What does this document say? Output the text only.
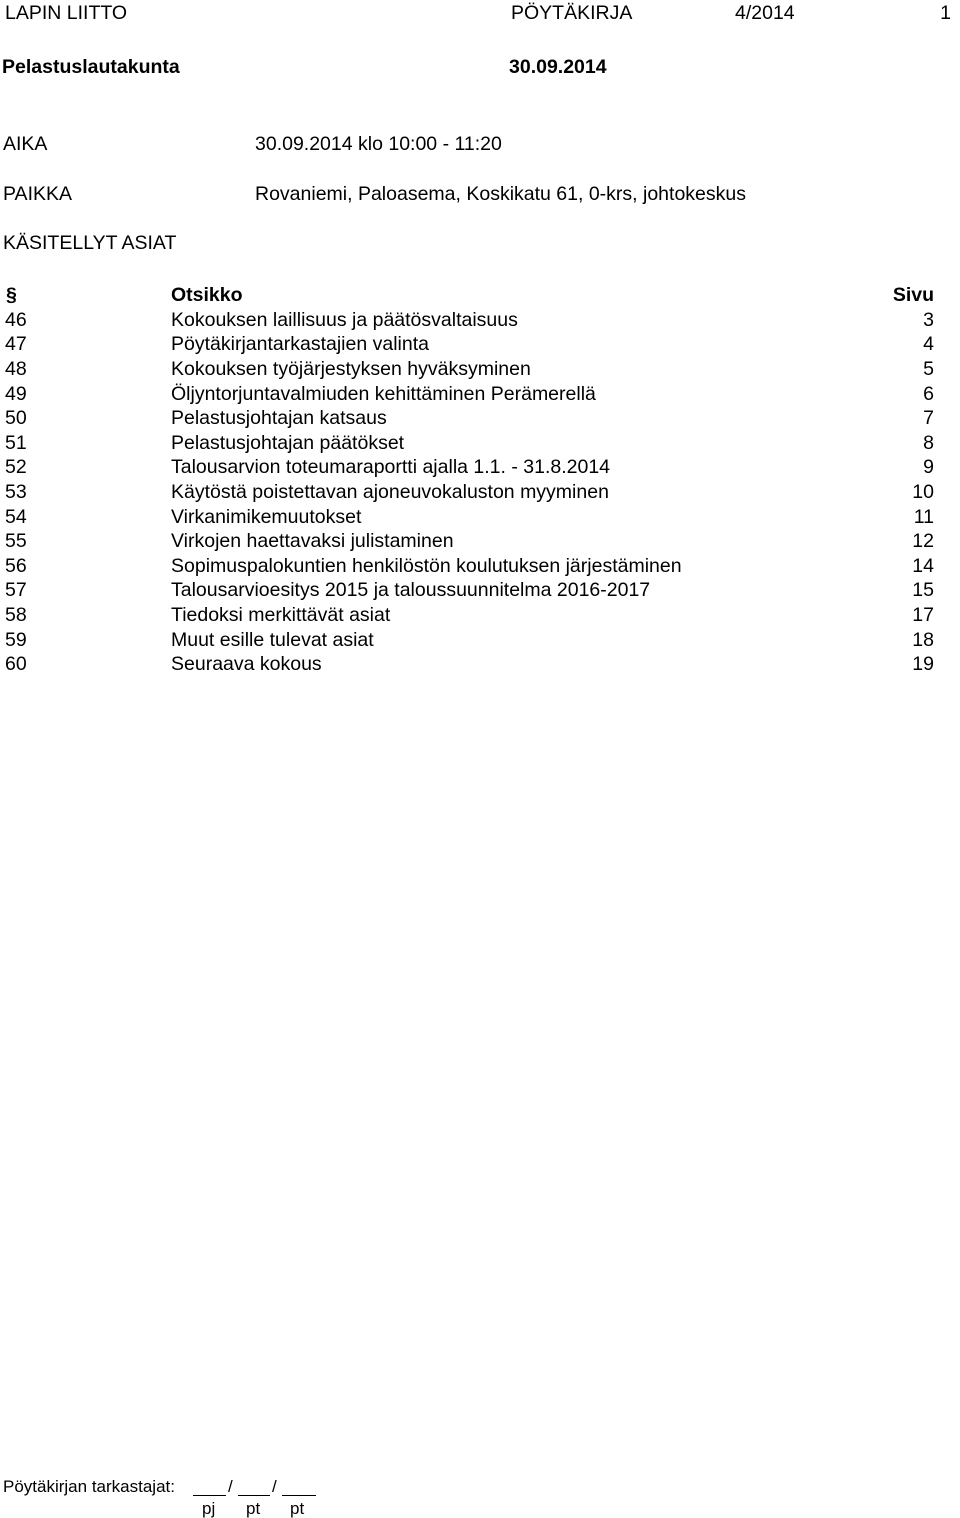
LAPIN LIITTO	PÖYTÄKIRJA	4/2014	1
Pelastuslautakunta	30.09.2014
AIKA	30.09.2014 klo 10:00 - 11:20
PAIKKA	Rovaniemi, Paloasema, Koskikatu 61, 0-krs, johtokeskus
KÄSITELLYT ASIAT
§	Otsikko	Sivu
46	Kokouksen laillisuus ja päätösvaltaisuus	3
47	Pöytäkirjantarkastajien valinta	4
48	Kokouksen työjärjestyksen hyväksyminen	5
49	Öljyntorjuntavalmiuden kehittäminen Perämerellä	6
50	Pelastusjohtajan katsaus	7
51	Pelastusjohtajan päätökset	8
52	Talousarvion toteumaraportti ajalla 1.1. - 31.8.2014	9
53	Käytöstä poistettavan ajoneuvokaluston myyminen	10
54	Virkanimikemuutokset	11
55	Virkojen haettavaksi julistaminen	12
56	Sopimuspalokuntien henkilöstön koulutuksen järjestäminen	14
57	Talousarvioesitys 2015 ja taloussuunnitelma 2016-2017	15
58	Tiedoksi merkittävät asiat	17
59	Muut esille tulevat asiat	18
60	Seuraava kokous	19
Pöytäkirjan tarkastajat:	/ /
pj pt pt
